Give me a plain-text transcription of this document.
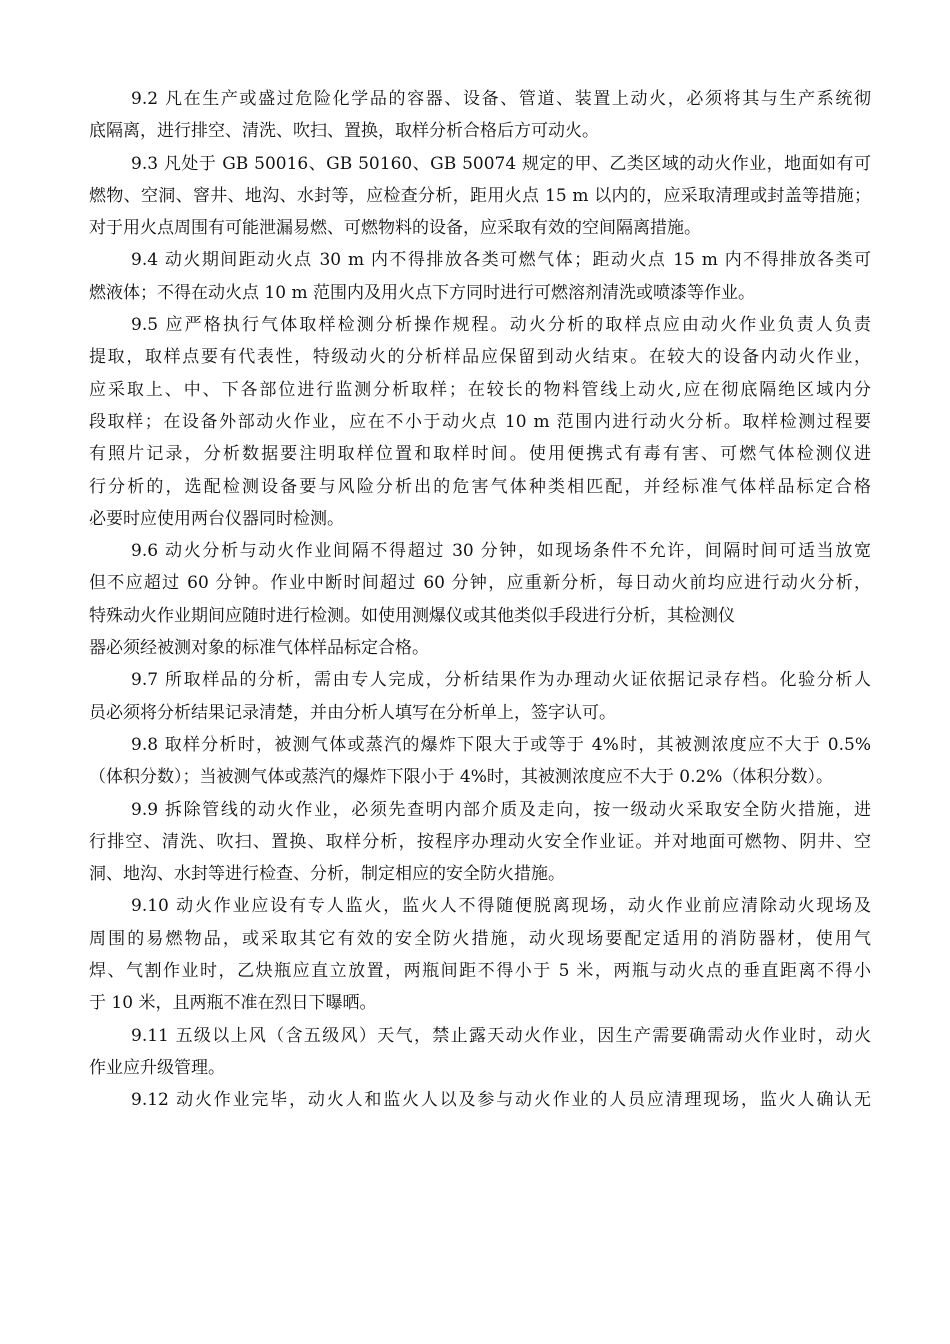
9.2 凡在生产或盛过危险化学品的容器、设备、管道、装置上动火，必须将其与生产系统彻
底隔离，进行排空、清洗、吹扫、置换，取样分析合格后方可动火。
9.3 凡处于 GB 50016、GB 50160、GB 50074 规定的甲、乙类区域的动火作业，地面如有可
燃物、空洞、窨井、地沟、水封等，应检查分析，距用火点 15 m 以内的，应采取清理或封盖等措施；
对于用火点周围有可能泄漏易燃、可燃物料的设备，应采取有效的空间隔离措施。
9.4 动火期间距动火点 30 m 内不得排放各类可燃气体；距动火点 15 m 内不得排放各类可
燃液体；不得在动火点 10 m 范围内及用火点下方同时进行可燃溶剂清洗或喷漆等作业。
9.5 应严格执行气体取样检测分析操作规程。动火分析的取样点应由动火作业负责人负责
提取，取样点要有代表性，特级动火的分析样品应保留到动火结束。在较大的设备内动火作业，
应采取上、中、下各部位进行监测分析取样；在较长的物料管线上动火,应在彻底隔绝区域内分
段取样；在设备外部动火作业，应在不小于动火点 10 m 范围内进行动火分析。取样检测过程要
有照片记录，分析数据要注明取样位置和取样时间。使用便携式有毒有害、可燃气体检测仪进
行分析的，选配检测设备要与风险分析出的危害气体种类相匹配，并经标准气体样品标定合格
必要时应使用两台仪器同时检测。
9.6 动火分析与动火作业间隔不得超过 30 分钟，如现场条件不允许，间隔时间可适当放宽
但不应超过 60 分钟。作业中断时间超过 60 分钟，应重新分析，每日动火前均应进行动火分析，
特殊动火作业期间应随时进行检测。如使用测爆仪或其他类似手段进行分析，其检测仪
器必须经被测对象的标准气体样品标定合格。
9.7 所取样品的分析，需由专人完成，分析结果作为办理动火证依据记录存档。化验分析人
员必须将分析结果记录清楚，并由分析人填写在分析单上，签字认可。
9.8 取样分析时，被测气体或蒸汽的爆炸下限大于或等于 4%时，其被测浓度应不大于 0.5%
（体积分数）；当被测气体或蒸汽的爆炸下限小于 4%时，其被测浓度应不大于 0.2%（体积分数）。
9.9 拆除管线的动火作业，必须先查明内部介质及走向，按一级动火采取安全防火措施，进
行排空、清洗、吹扫、置换、取样分析，按程序办理动火安全作业证。并对地面可燃物、阴井、空
洞、地沟、水封等进行检查、分析，制定相应的安全防火措施。
9.10 动火作业应设有专人监火，监火人不得随便脱离现场，动火作业前应清除动火现场及
周围的易燃物品，或采取其它有效的安全防火措施，动火现场要配定适用的消防器材，使用气
焊、气割作业时，乙炔瓶应直立放置，两瓶间距不得小于 5 米，两瓶与动火点的垂直距离不得小
于 10 米，且两瓶不准在烈日下曝晒。
9.11 五级以上风（含五级风）天气，禁止露天动火作业，因生产需要确需动火作业时，动火
作业应升级管理。
9.12 动火作业完毕，动火人和监火人以及参与动火作业的人员应清理现场，监火人确认无
